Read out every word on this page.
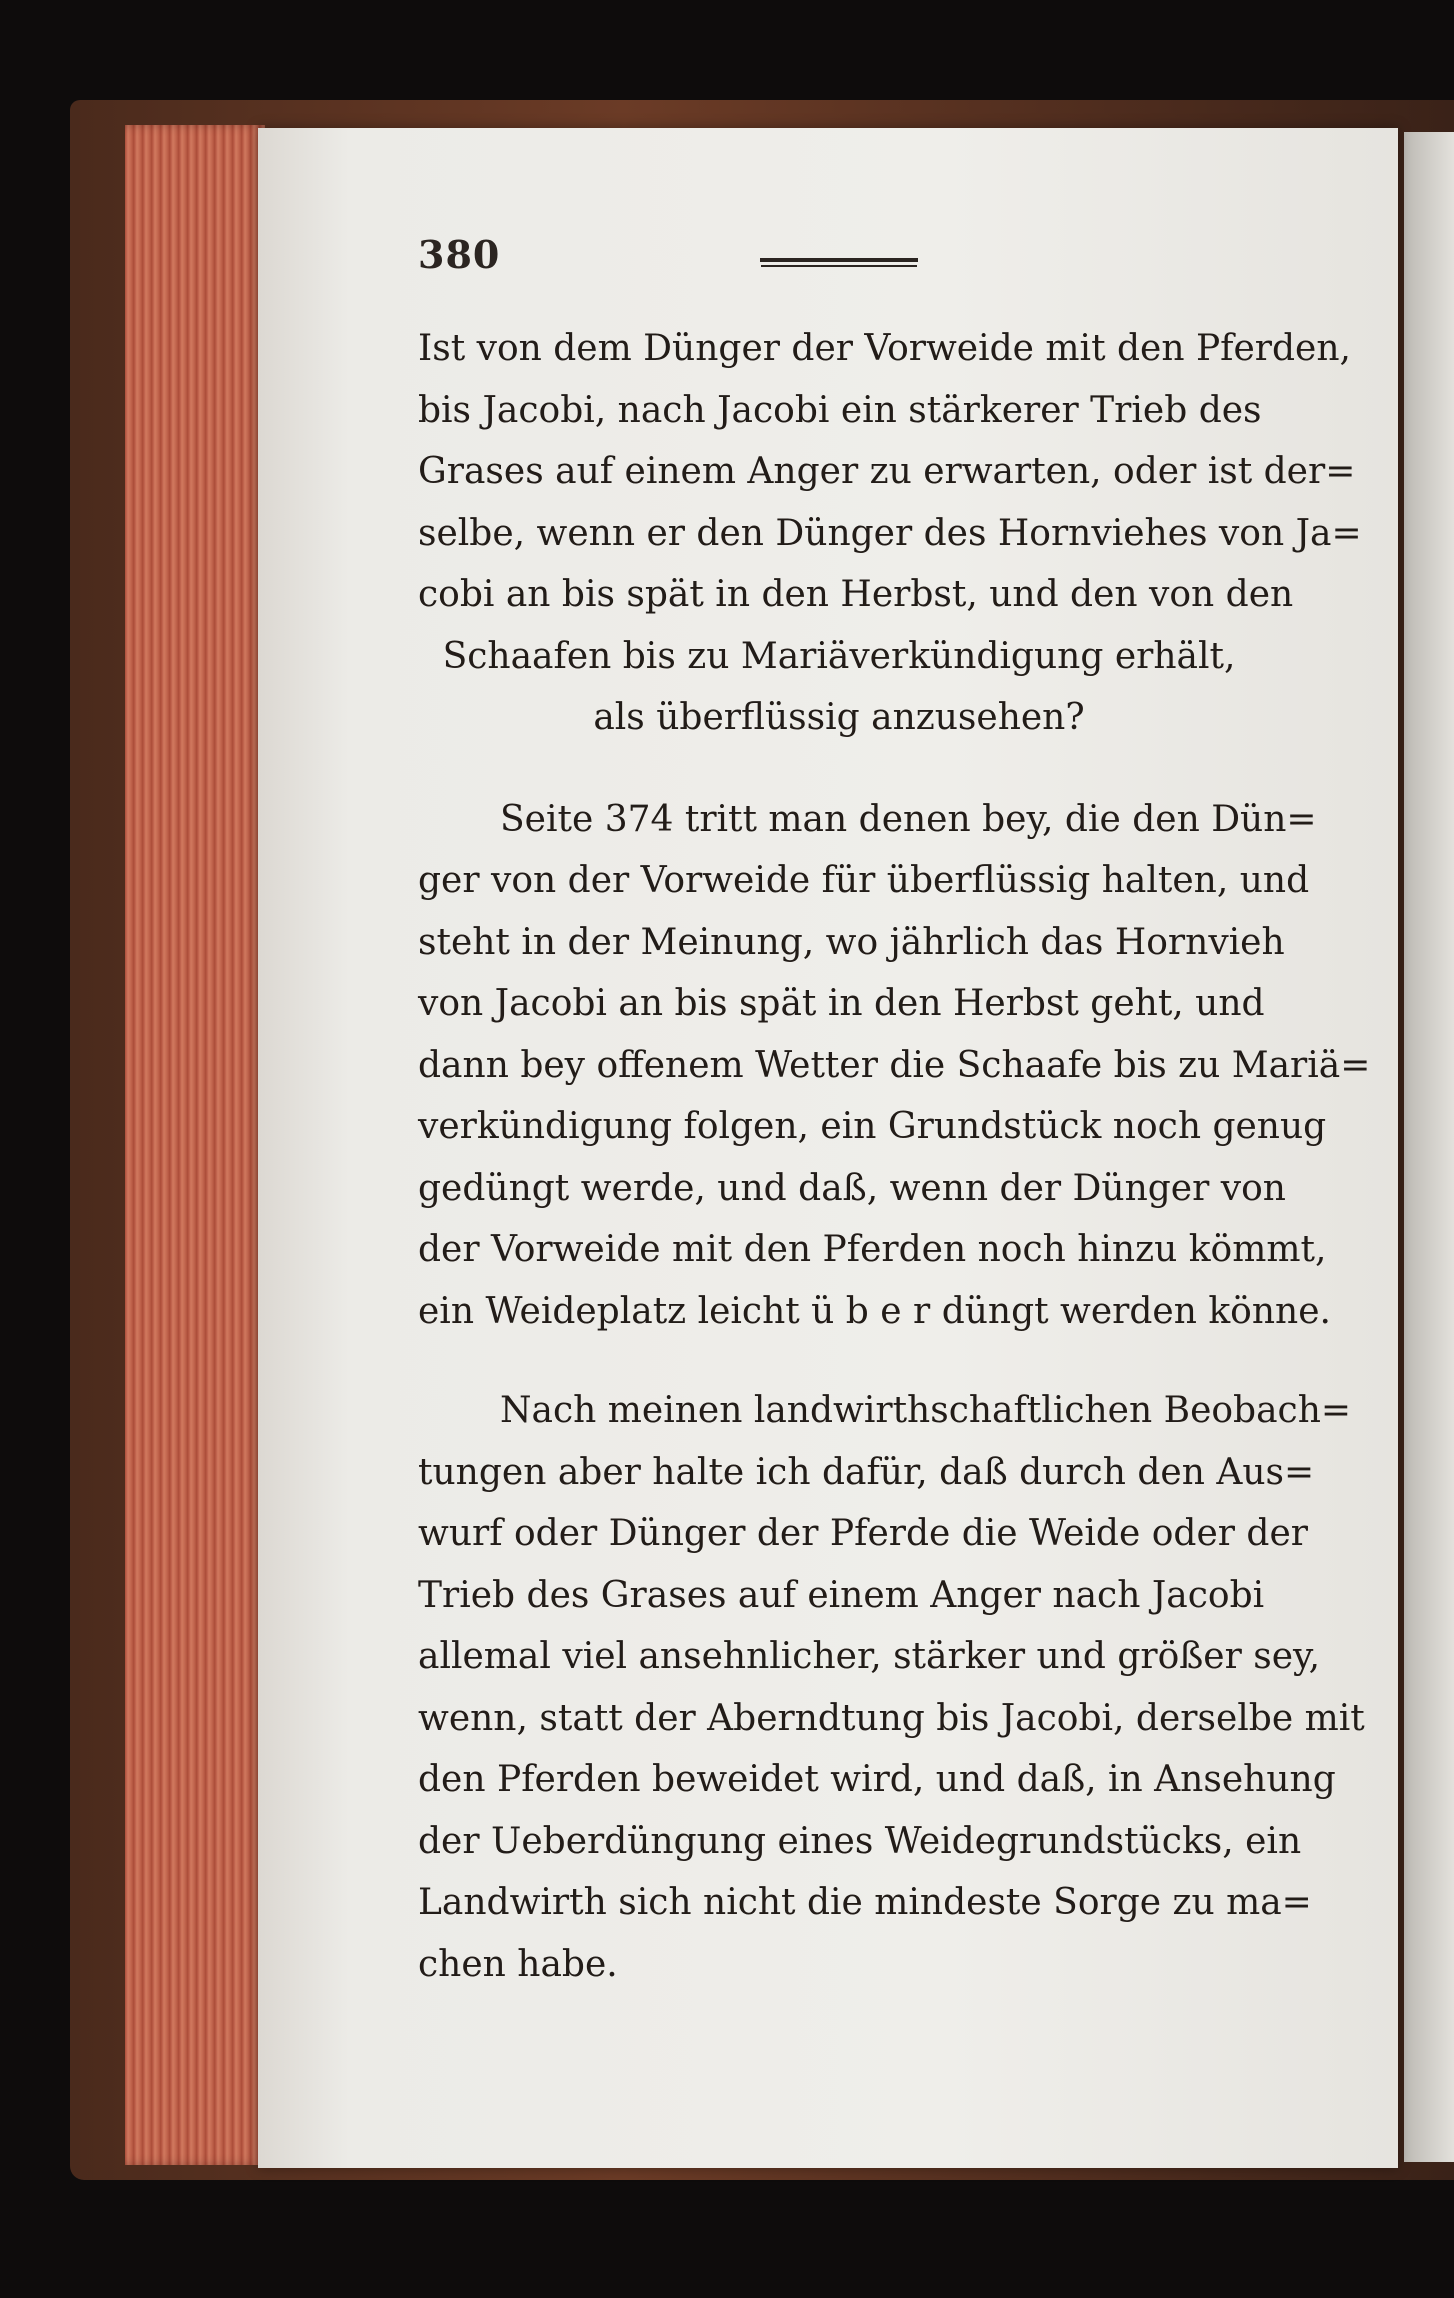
380
Ist von dem Dünger der Vorweide mit den Pferden,
bis Jacobi, nach Jacobi ein stärkerer Trieb des
Grases auf einem Anger zu erwarten, oder ist der=
selbe, wenn er den Dünger des Hornviehes von Ja=
cobi an bis spät in den Herbst, und den von den
Schaafen bis zu Mariäverkündigung erhält,
als überflüssig anzusehen?
Seite 374 tritt man denen bey, die den Dün=
ger von der Vorweide für überflüssig halten, und
steht in der Meinung, wo jährlich das Hornvieh
von Jacobi an bis spät in den Herbst geht, und
dann bey offenem Wetter die Schaafe bis zu Mariä=
verkündigung folgen, ein Grundstück noch genug
gedüngt werde, und daß, wenn der Dünger von
der Vorweide mit den Pferden noch hinzu kömmt,
ein Weideplatz leicht ü b e r düngt werden könne.
Nach meinen landwirthschaftlichen Beobach=
tungen aber halte ich dafür, daß durch den Aus=
wurf oder Dünger der Pferde die Weide oder der
Trieb des Grases auf einem Anger nach Jacobi
allemal viel ansehnlicher, stärker und größer sey,
wenn, statt der Aberndtung bis Jacobi, derselbe mit
den Pferden beweidet wird, und daß, in Ansehung
der Ueberdüngung eines Weidegrundstücks, ein
Landwirth sich nicht die mindeste Sorge zu ma=
chen habe.
